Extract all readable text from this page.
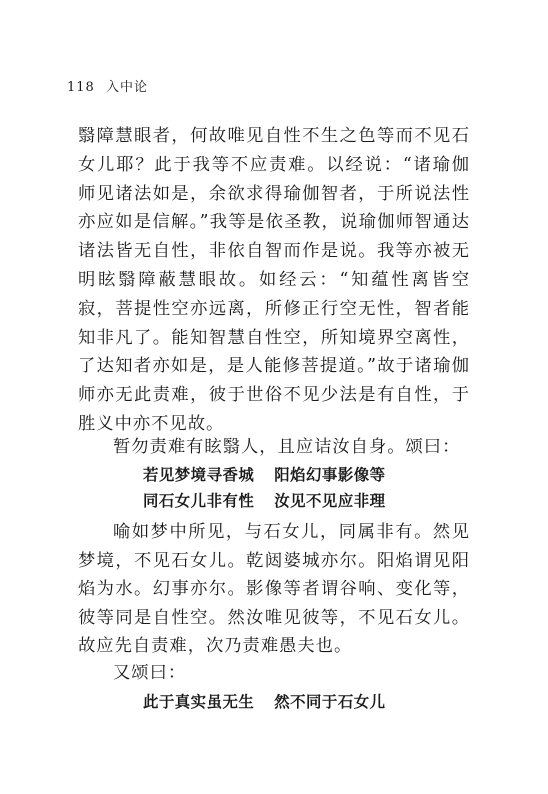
118 入中论

翳障慧眼者，何故唯见自性不生之色等而不见石女儿耶？此于我等不应责难。以经说：“诸瑜伽师见诸法如是，余欲求得瑜伽智者，于所说法性亦应如是信解。”我等是依圣教，说瑜伽师智通达诸法皆无自性，非依自智而作是说。我等亦被无明眩翳障蔽慧眼故。如经云：“知蕴性离皆空寂，菩提性空亦远离，所修正行空无性，智者能知非凡了。能知智慧自性空，所知境界空离性，了达知者亦如是，是人能修菩提道。”故于诸瑜伽师亦无此责难，彼于世俗不见少法是有自性，于胜义中亦不见故。

暂勿责难有眩翳人，且应诘汝自身。颂曰：

若见梦境寻香城 阳焰幻事影像等

同石女儿非有性 汝见不见应非理

喻如梦中所见，与石女儿，同属非有。然见梦境，不见石女儿。乾闼婆城亦尔。阳焰谓见阳焰为水。幻事亦尔。影像等者谓谷响、变化等，彼等同是自性空。然汝唯见彼等，不见石女儿。故应先自责难，次乃责难愚夫也。

又颂曰：

此于真实虽无生 然不同于石女儿
